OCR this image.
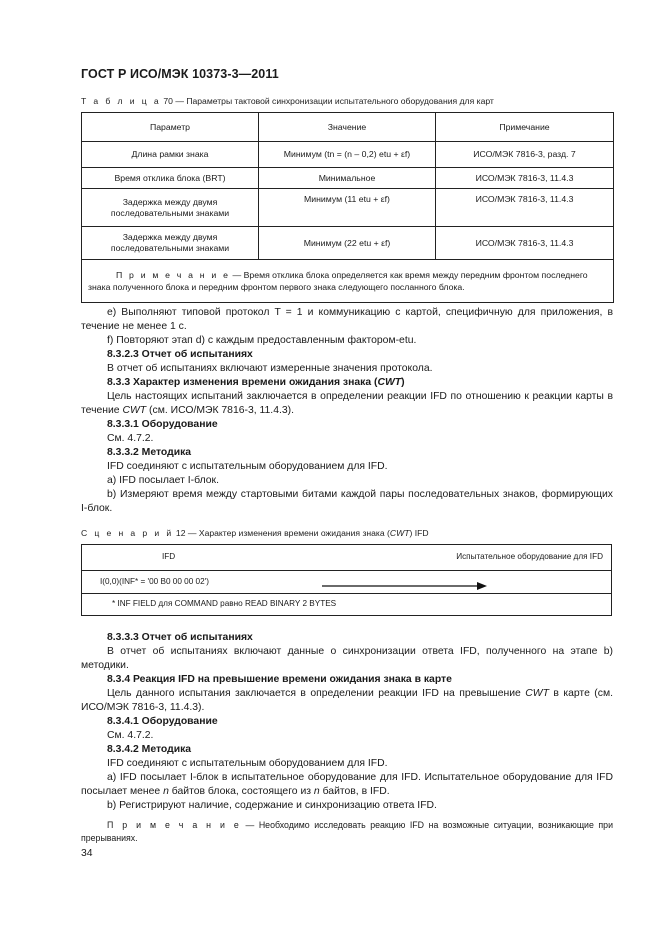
ГОСТ Р ИСО/МЭК 10373-3—2011
Т а б л и ц а 70 — Параметры тактовой синхронизации испытательного оборудования для карт
Параметр	Значение	Примечание
Длина рамки знака	Минимум (tn = (n – 0,2) etu + εf)	ИСО/МЭК 7816-3, разд. 7
Время отклика блока (BRT)	Минимальное	ИСО/МЭК 7816-3, 11.4.3
Задержка между двумя последовательными знаками	Минимум (11 etu + εf)	ИСО/МЭК 7816-3, 11.4.3
Задержка между двумя последовательными знаками	Минимум (22 etu + εf)	ИСО/МЭК 7816-3, 11.4.3
П р и м е ч а н и е — Время отклика блока определяется как время между передним фронтом последнего знака полученного блока и передним фронтом первого знака следующего посланного блока.		

e) Выполняют типовой протокол T = 1 и коммуникацию с картой, специфичную для приложения, в течение не менее 1 с.

f) Повторяют этап d) с каждым предоставленным фактором-etu.

8.3.2.3 Отчет об испытаниях

В отчет об испытаниях включают измеренные значения протокола.

8.3.3 Характер изменения времени ожидания знака (CWT)

Цель настоящих испытаний заключается в определении реакции IFD по отношению к реакции карты в течение CWT (см. ИСО/МЭК 7816-3, 11.4.3).

8.3.3.1 Оборудование

См. 4.7.2.

8.3.3.2 Методика

IFD соединяют с испытательным оборудованием для IFD.

a) IFD посылает I-блок.

b) Измеряют время между стартовыми битами каждой пары последовательных знаков, формирующих I-блок.

С ц е н а р и й 12 — Характер изменения времени ожидания знака (CWT) IFD
IFD	Испытательное оборудование для IFD
I(0,0)(INF* = '00 B0 00 00 02')
* INF FIELD для COMMAND равно READ BINARY 2 BYTES

8.3.3.3 Отчет об испытаниях

В отчет об испытаниях включают данные о синхронизации ответа IFD, полученного на этапе b) методики.

8.3.4 Реакция IFD на превышение времени ожидания знака в карте

Цель данного испытания заключается в определении реакции IFD на превышение CWT в карте (см. ИСО/МЭК 7816-3, 11.4.3).

8.3.4.1 Оборудование

См. 4.7.2.

8.3.4.2 Методика

IFD соединяют с испытательным оборудованием для IFD.

a) IFD посылает I-блок в испытательное оборудование для IFD. Испытательное оборудование для IFD посылает менее n байтов блока, состоящего из n байтов, в IFD.

b) Регистрируют наличие, содержание и синхронизацию ответа IFD.

П р и м е ч а н и е — Необходимо исследовать реакцию IFD на возможные ситуации, возникающие при прерываниях.

34
